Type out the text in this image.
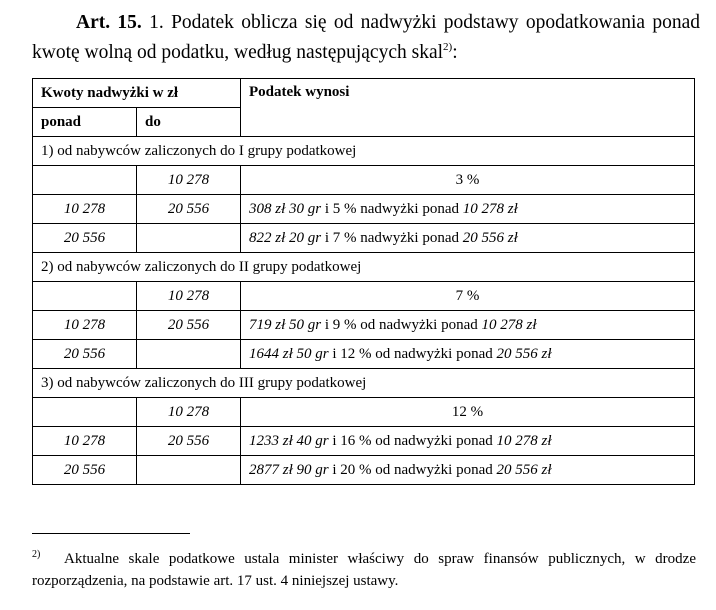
Art. 15. 1. Podatek oblicza się od nadwyżki podstawy opodatkowania ponad
kwotę wolną od podatku, według następujących skal$^{2)}$:
Kwoty nadwyżki w zł		Podatek wynosi
ponad	do	
1) od nabywców zaliczonych do I grupy podatkowej		
	10 278	3 %
10 278	20 556	308 zł 30 gr i 5 % nadwyżki ponad 10 278 zł
20 556		822 zł 20 gr i 7 % nadwyżki ponad 20 556 zł
2) od nabywców zaliczonych do II grupy podatkowej		
	10 278	7 %
10 278	20 556	719 zł 50 gr i 9 % od nadwyżki ponad 10 278 zł
20 556		1644 zł 50 gr i 12 % od nadwyżki ponad 20 556 zł
3) od nabywców zaliczonych do III grupy podatkowej		
	10 278	12 %
10 278	20 556	1233 zł 40 gr i 16 % od nadwyżki ponad 10 278 zł
20 556		2877 zł 90 gr i 20 % od nadwyżki ponad 20 556 zł
2)	Aktualne skale podatkowe ustala minister właściwy do spraw finansów publicznych, w drodze
rozporządzenia, na podstawie art. 17 ust. 4 niniejszej ustawy.
